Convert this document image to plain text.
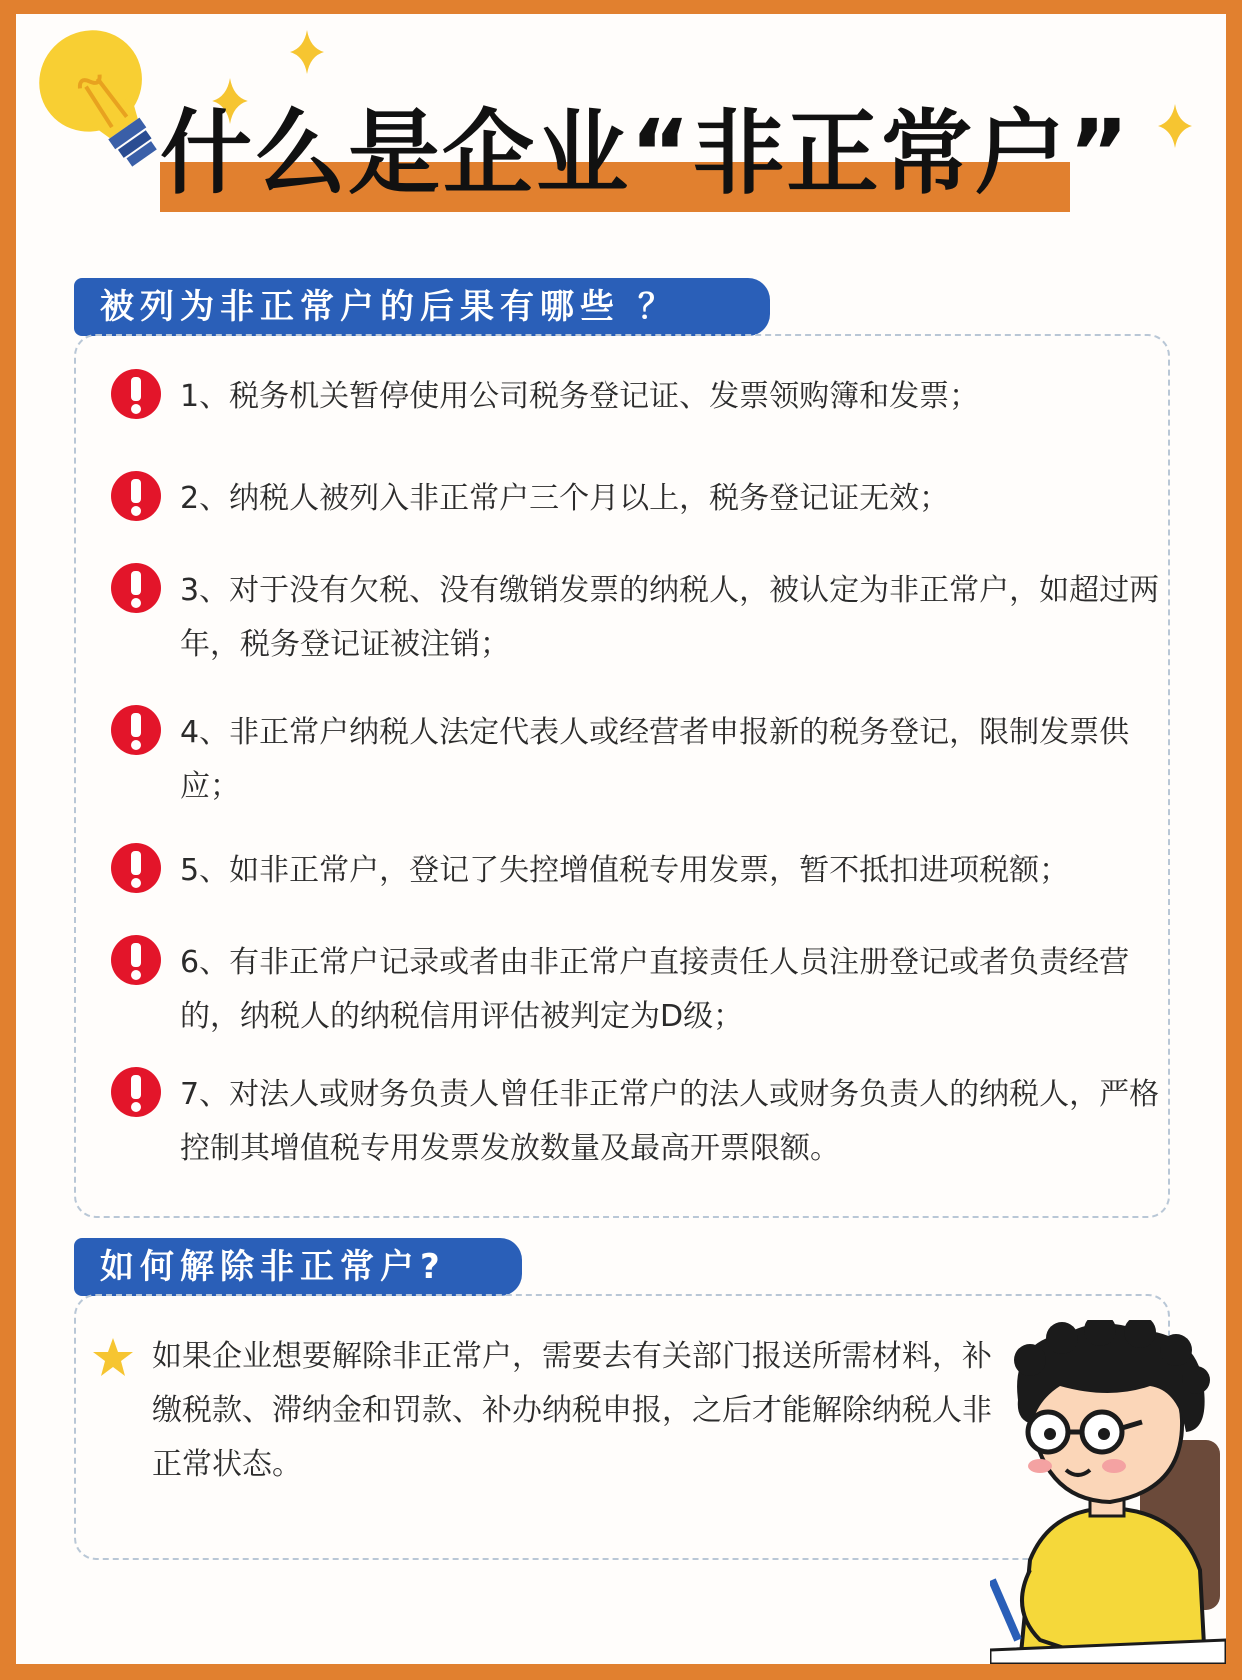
什么是企业“非正常户”
被列为非正常户的后果有哪些 ？
1、税务机关暂停使用公司税务登记证、发票领购簿和发票；
2、纳税人被列入非正常户三个月以上，税务登记证无效；
3、对于没有欠税、没有缴销发票的纳税人，被认定为非正常户，如超过两年，税务登记证被注销；
4、非正常户纳税人法定代表人或经营者申报新的税务登记，限制发票供应；
5、如非正常户，登记了失控增值税专用发票，暂不抵扣进项税额；
6、有非正常户记录或者由非正常户直接责任人员注册登记或者负责经营的，纳税人的纳税信用评估被判定为D级；
7、对法人或财务负责人曾任非正常户的法人或财务负责人的纳税人，严格控制其增值税专用发票发放数量及最高开票限额。
如何解除非正常户?
如果企业想要解除非正常户，需要去有关部门报送所需材料，补缴税款、滞纳金和罚款、补办纳税申报，之后才能解除纳税人非正常状态。
